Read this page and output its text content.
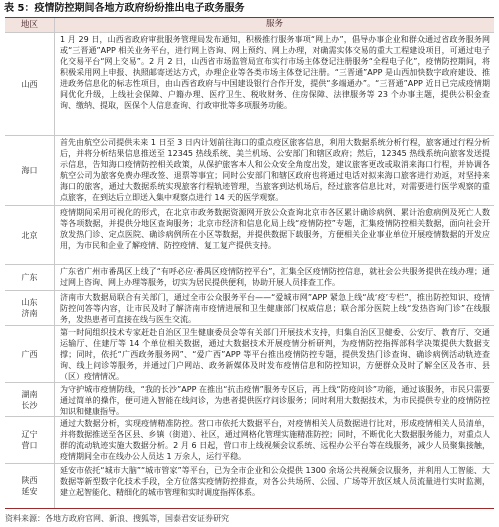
表 5：疫情防控期间各地方政府纷纷推出电子政务服务
地区	服务
山西
1 月 29 日，山西省政府审批服务管理局发布通知，积极推行服务事项“网上办”，倡导办事企业和群众通过省政务服务网或“三晋通”APP 相关业务平台，进行网上咨询、网上预约、网上办理，对确需实体交易的重大工程建设项目，可通过电子化交易平台“网上交易”。2 月 2 日，山西省市场监管局宣布实行市场主体登记注册服务“全程电子化”，疫情防控期间，将积极采用网上申报、执照邮寄送达方式，办理企业等各类市场主体登记注册。“三晋通”APP 是山西加快数字政府建设、推进政务信息化的标志性项目，由山西省政府与中国建设银行合作开发，提供“多端通办”。“三晋通”APP 近日已完成疫情期间优化升级，上线社会保障、户籍办理、医疗卫生、税收财务、住房保障、法律服务等 23 个办事主题，提供公积金查询、缴纳、提取，医保个人信息查询、行政审批等多项服务功能。
海口
首先由航空公司提供未来 1 日至 3 日内计划前往海口的重点疫区旅客信息，利用大数据系统分析行程，旅客通过行程分析后，并将分析结果信息推送至 12345 热线系统、美兰机场、公安部门和辖区政府；然后，12345 热线系统向旅客发送提示信息，告知海口疫情防控相关政策，从保护旅客本人和公众安全角度出发，建议旅客更改或取消来海口行程，并协调各航空公司为旅客免费办理改签、退票等事宜；同时公安部门和辖区政府也将通过电话对拟来海口旅客进行劝返，对坚持来海口的旅客，通过大数据系统实现旅客行程轨迹管理，当旅客到达机场后，经过旅客信息比对，对需要进行医学观察的重点旅客，在到达后立即送入集中观察点进行 14 天的医学观察。
北京
疫情期间采用可视化的形式，在北京市政务数据资源网开放公众查询北京市各区累计确诊病例、累计治愈病例及死亡人数等各项数据，并提供分地区查询服务；北京市经济和信息化局上线“疫情防控”专题，汇集疫情防控相关数据，面向社会开放发热门诊、定点医院、确诊病例所在小区等数据，并提供数据下载服务，方便相关企业事业单位开展疫情数据的开发应用，为市民和企业了解疫情、防控疫情、复工复产提供支持。
广东
广东省广州市番禺区上线了“有呼必应·番禺区疫情防控平台”，汇集全区疫情防控信息，就社会公共服务提供在线办理；通过网上咨询、网上办理等服务，切实为居民提供便利，协助开展人员排查工作。
山东
济南
济南市大数据局联合有关部门，通过全市公众服务平台——“爱城市网”APP 紧急上线“战‘疫’专栏”，推出防控知识、疫情防控问答等内容，让市民及时了解济南市疫情进展和卫生健康部门权威信息；联合部分医院上线“发热咨询门诊”在线服务，发热患者可直接在线与医生交流。
广西
第一时间组织技术专家赶赴自治区卫生健康委员会等有关部门开展技术支持，归集自治区卫健委、公安厅、教育厅、交通运输厅、住建厅等 14 个单位相关数据，通过大数据技术开展疫情分析研判，为疫情防控指挥部科学决策提供大数据支撑；同时，依托“广西政务服务网”、“爱广西”APP 等平台推出疫情防控专题，提供发热门诊查询、确诊病例活动轨迹查询、线上问诊等服务，并通过门户网站、政务新媒体及时发布疫情信息和防控知识，方便群众及时了解全区及各市、县（区）疫情情况。
湖南
长沙
为守护城市疫情防线，“我的长沙”APP 在推出“抗击疫情”服务专区后，再上线“防疫问诊”功能，通过该服务，市民只需要通过简单的操作，便可进入智能在线问诊，为患者提供医疗问诊服务；同时利用大数据技术，为市民提供专业的疫情防控知识和健康指导。
辽宁
营口
通过大数据分析，实现疫情精准防控。营口市依托大数据平台，对疫情相关人员数据进行比对，形成疫情相关人员清单，并将数据推送至各区县、乡镇（街道）、社区，通过网格化管理实施精准防控；同时，不断优化大数据服务能力，对重点人群的流动轨迹实施大数据分析。2 月 6 日起，营口市上线视频会议系统、远程办公平台等在线服务，减少人员聚集接触，疫情期间全市在线办公人员达 1 万余人，运行平稳。
陕西
延安
延安市依托“城市大脑”“城市管家”等平台，已为全市企业和公众提供 1300 余场公共视频会议服务，并利用人工智能、大数据等新型数字化技术手段，全方位落实疫情防控排查，对各公共场所、公园、广场等开放区域人员流量进行实时监测，建立起智能化、精细化的城市管理和实时调度指挥体系。
资料来源：各地方政府官网、新浪、搜狐等，国泰君安证券研究
